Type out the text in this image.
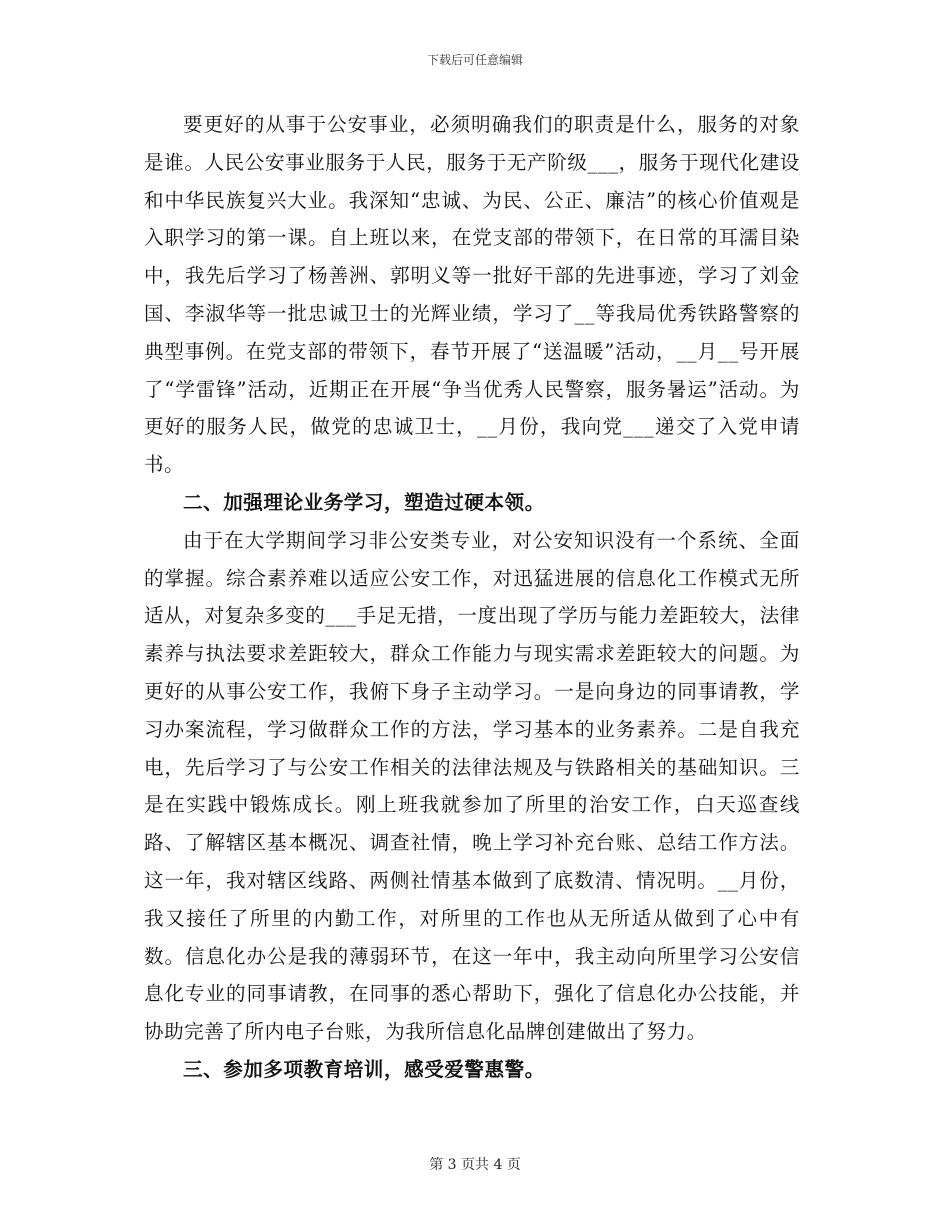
下载后可任意编辑

要更好的从事于公安事业，必须明确我们的职责是什么，服务的对象是谁。人民公安事业服务于人民，服务于无产阶级___，服务于现代化建设和中华民族复兴大业。我深知“忠诚、为民、公正、廉洁”的核心价值观是入职学习的第一课。自上班以来，在党支部的带领下，在日常的耳濡目染中，我先后学习了杨善洲、郭明义等一批好干部的先进事迹，学习了刘金国、李淑华等一批忠诚卫士的光辉业绩，学习了__等我局优秀铁路警察的典型事例。在党支部的带领下，春节开展了“送温暖”活动，__月__号开展了“学雷锋”活动，近期正在开展“争当优秀人民警察，服务暑运”活动。为更好的服务人民，做党的忠诚卫士，__月份，我向党___递交了入党申请书。

二、加强理论业务学习，塑造过硬本领。

由于在大学期间学习非公安类专业，对公安知识没有一个系统、全面的掌握。综合素养难以适应公安工作，对迅猛进展的信息化工作模式无所适从，对复杂多变的___手足无措，一度出现了学历与能力差距较大，法律素养与执法要求差距较大，群众工作能力与现实需求差距较大的问题。为更好的从事公安工作，我俯下身子主动学习。一是向身边的同事请教，学习办案流程，学习做群众工作的方法，学习基本的业务素养。二是自我充电，先后学习了与公安工作相关的法律法规及与铁路相关的基础知识。三是在实践中锻炼成长。刚上班我就参加了所里的治安工作，白天巡查线路、了解辖区基本概况、调查社情，晚上学习补充台账、总结工作方法。这一年，我对辖区线路、两侧社情基本做到了底数清、情况明。__月份，我又接任了所里的内勤工作，对所里的工作也从无所适从做到了心中有数。信息化办公是我的薄弱环节，在这一年中，我主动向所里学习公安信息化专业的同事请教，在同事的悉心帮助下，强化了信息化办公技能，并协助完善了所内电子台账，为我所信息化品牌创建做出了努力。

三、参加多项教育培训，感受爱警惠警。

第 3 页共 4 页
